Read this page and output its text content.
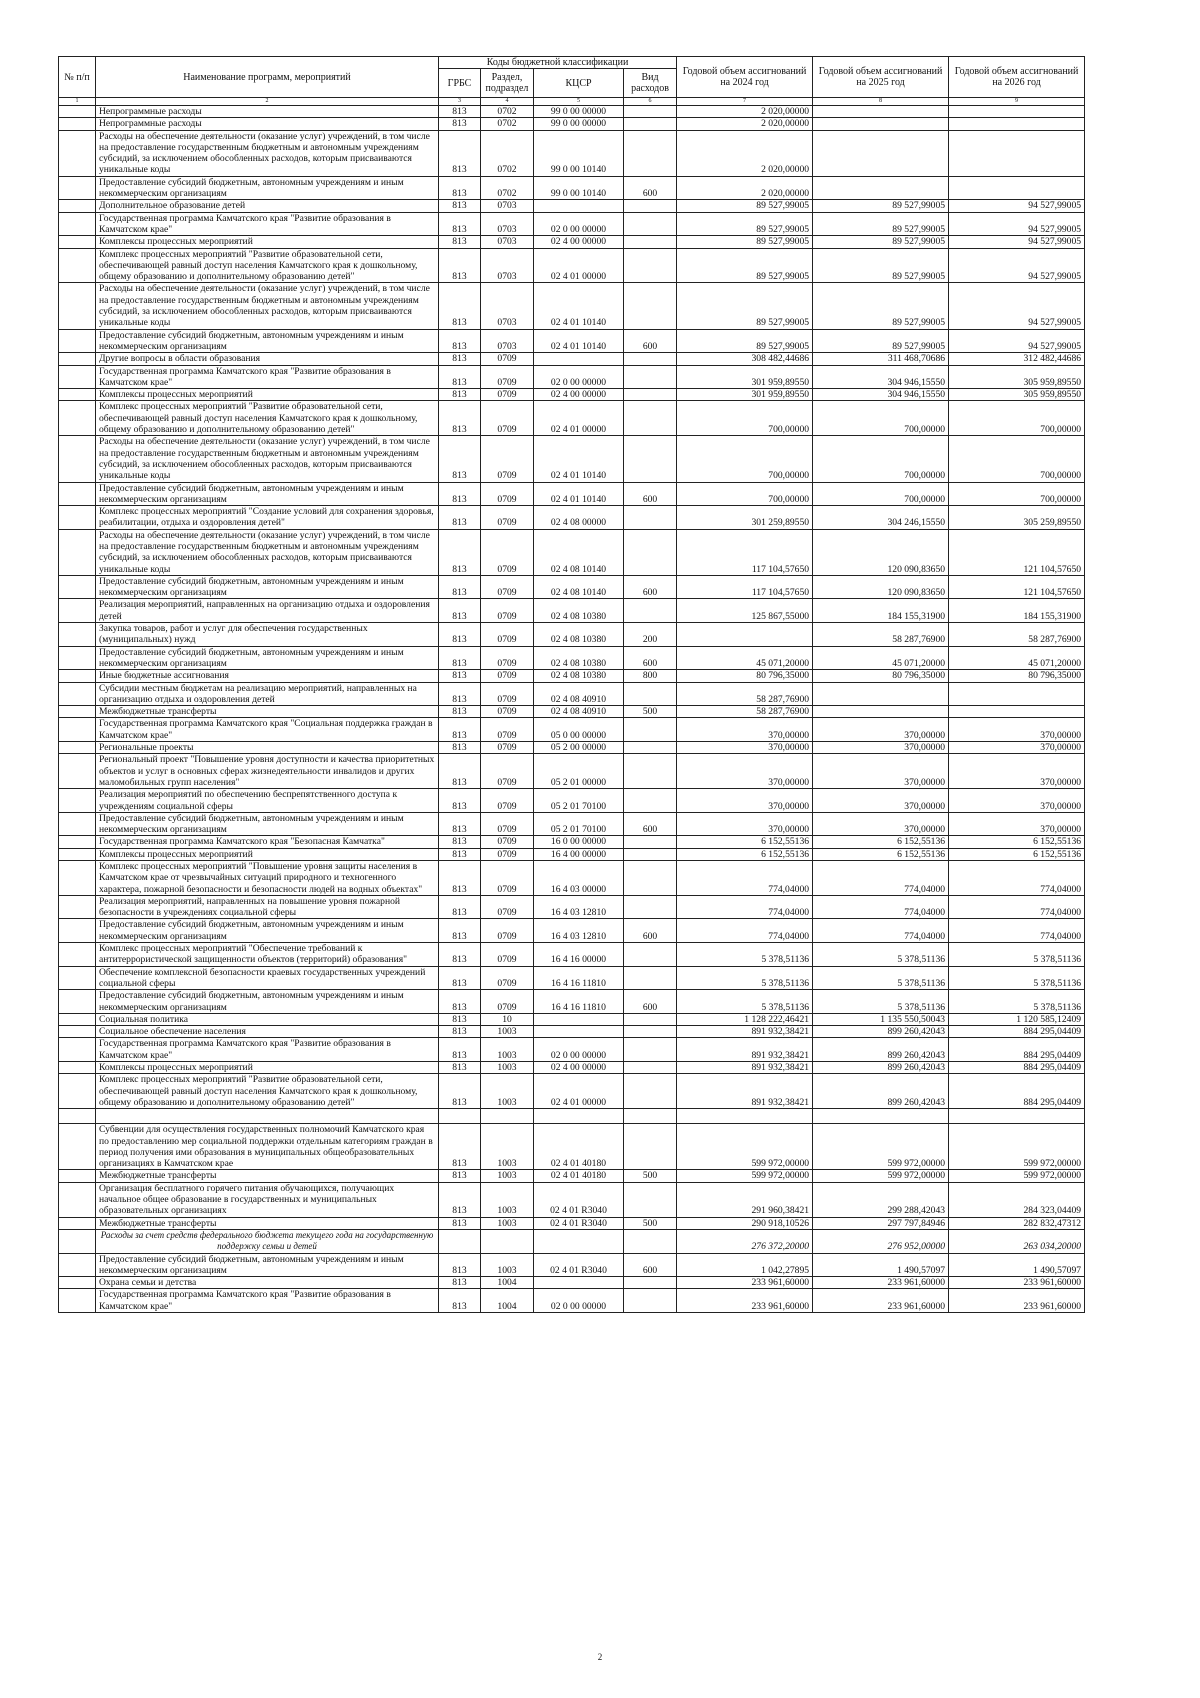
№ п/п	Наименование программ, мероприятий	Коды бюджетной классификации				Годовой объем ассигнований на 2024 год	Годовой объем ассигнований на 2025 год	Годовой объем ассигнований на 2026 год
		ГРБС	Раздел, подраздел	КЦСР	Вид расходов			
1	2	3	4	5	6	7	8	9
	Непрограммные расходы	813	0702	99 0 00 00000		2 020,00000		
	Непрограммные расходы	813	0702	99 0 00 00000		2 020,00000		
	Расходы на обеспечение деятельности (оказание услуг) учреждений, в том числе на предоставление государственным бюджетным и автономным учреждениям субсидий, за исключением обособленных расходов, которым присваиваются уникальные коды	813	0702	99 0 00 10140		2 020,00000		
	Предоставление субсидий бюджетным, автономным учреждениям и иным некоммерческим организациям	813	0702	99 0 00 10140	600	2 020,00000		
	Дополнительное образование детей	813	0703			89 527,99005	89 527,99005	94 527,99005
	Государственная программа Камчатского края "Развитие образования в Камчатском крае"	813	0703	02 0 00 00000		89 527,99005	89 527,99005	94 527,99005
	Комплексы процессных мероприятий	813	0703	02 4 00 00000		89 527,99005	89 527,99005	94 527,99005
	Комплекс процессных мероприятий "Развитие образовательной сети, обеспечивающей равный доступ населения Камчатского края к дошкольному, общему образованию и дополнительному образованию детей"	813	0703	02 4 01 00000		89 527,99005	89 527,99005	94 527,99005
	Расходы на обеспечение деятельности (оказание услуг) учреждений, в том числе на предоставление государственным бюджетным и автономным учреждениям субсидий, за исключением обособленных расходов, которым присваиваются уникальные коды	813	0703	02 4 01 10140		89 527,99005	89 527,99005	94 527,99005
	Предоставление субсидий бюджетным, автономным учреждениям и иным некоммерческим организациям	813	0703	02 4 01 10140	600	89 527,99005	89 527,99005	94 527,99005
	Другие вопросы в области образования	813	0709			308 482,44686	311 468,70686	312 482,44686
	Государственная программа Камчатского края "Развитие образования в Камчатском крае"	813	0709	02 0 00 00000		301 959,89550	304 946,15550	305 959,89550
	Комплексы процессных мероприятий	813	0709	02 4 00 00000		301 959,89550	304 946,15550	305 959,89550
	Комплекс процессных мероприятий "Развитие образовательной сети, обеспечивающей равный доступ населения Камчатского края к дошкольному, общему образованию и дополнительному образованию детей"	813	0709	02 4 01 00000		700,00000	700,00000	700,00000
	Расходы на обеспечение деятельности (оказание услуг) учреждений, в том числе на предоставление государственным бюджетным и автономным учреждениям субсидий, за исключением обособленных расходов, которым присваиваются уникальные коды	813	0709	02 4 01 10140		700,00000	700,00000	700,00000
	Предоставление субсидий бюджетным, автономным учреждениям и иным некоммерческим организациям	813	0709	02 4 01 10140	600	700,00000	700,00000	700,00000
	Комплекс процессных мероприятий "Создание условий для сохранения здоровья, реабилитации, отдыха и оздоровления детей"	813	0709	02 4 08 00000		301 259,89550	304 246,15550	305 259,89550
	Расходы на обеспечение деятельности (оказание услуг) учреждений, в том числе на предоставление государственным бюджетным и автономным учреждениям субсидий, за исключением обособленных расходов, которым присваиваются уникальные коды	813	0709	02 4 08 10140		117 104,57650	120 090,83650	121 104,57650
	Предоставление субсидий бюджетным, автономным учреждениям и иным некоммерческим организациям	813	0709	02 4 08 10140	600	117 104,57650	120 090,83650	121 104,57650
	Реализация мероприятий, направленных на организацию отдыха и оздоровления детей	813	0709	02 4 08 10380		125 867,55000	184 155,31900	184 155,31900
	Закупка товаров, работ и услуг для обеспечения государственных (муниципальных) нужд	813	0709	02 4 08 10380	200		58 287,76900	58 287,76900
	Предоставление субсидий бюджетным, автономным учреждениям и иным некоммерческим организациям	813	0709	02 4 08 10380	600	45 071,20000	45 071,20000	45 071,20000
	Иные бюджетные ассигнования	813	0709	02 4 08 10380	800	80 796,35000	80 796,35000	80 796,35000
	Субсидии местным бюджетам на реализацию мероприятий, направленных на организацию отдыха и оздоровления детей	813	0709	02 4 08 40910		58 287,76900		
	Межбюджетные трансферты	813	0709	02 4 08 40910	500	58 287,76900		
	Государственная программа Камчатского края "Социальная поддержка граждан в Камчатском крае"	813	0709	05 0 00 00000		370,00000	370,00000	370,00000
	Региональные проекты	813	0709	05 2 00 00000		370,00000	370,00000	370,00000
	Региональный проект "Повышение уровня доступности и качества приоритетных объектов и услуг в основных сферах жизнедеятельности инвалидов и других маломобильных групп населения"	813	0709	05 2 01 00000		370,00000	370,00000	370,00000
	Реализация мероприятий по обеспечению беспрепятственного доступа к учреждениям социальной сферы	813	0709	05 2 01 70100		370,00000	370,00000	370,00000
	Предоставление субсидий бюджетным, автономным учреждениям и иным некоммерческим организациям	813	0709	05 2 01 70100	600	370,00000	370,00000	370,00000
	Государственная программа Камчатского края "Безопасная Камчатка"	813	0709	16 0 00 00000		6 152,55136	6 152,55136	6 152,55136
	Комплексы процессных мероприятий	813	0709	16 4 00 00000		6 152,55136	6 152,55136	6 152,55136
	Комплекс процессных мероприятий "Повышение уровня защиты населения в Камчатском крае от чрезвычайных ситуаций природного и техногенного характера, пожарной безопасности и безопасности людей на водных объектах"	813	0709	16 4 03 00000		774,04000	774,04000	774,04000
	Реализация мероприятий, направленных на повышение уровня пожарной безопасности в учреждениях социальной сферы	813	0709	16 4 03 12810		774,04000	774,04000	774,04000
	Предоставление субсидий бюджетным, автономным учреждениям и иным некоммерческим организациям	813	0709	16 4 03 12810	600	774,04000	774,04000	774,04000
	Комплекс процессных мероприятий "Обеспечение требований к антитеррористической защищенности объектов (территорий) образования"	813	0709	16 4 16 00000		5 378,51136	5 378,51136	5 378,51136
	Обеспечение комплексной безопасности краевых государственных учреждений социальной сферы	813	0709	16 4 16 11810		5 378,51136	5 378,51136	5 378,51136
	Предоставление субсидий бюджетным, автономным учреждениям и иным некоммерческим организациям	813	0709	16 4 16 11810	600	5 378,51136	5 378,51136	5 378,51136
	Социальная политика	813	10			1 128 222,46421	1 135 550,50043	1 120 585,12409
	Социальное обеспечение населения	813	1003			891 932,38421	899 260,42043	884 295,04409
	Государственная программа Камчатского края "Развитие образования в Камчатском крае"	813	1003	02 0 00 00000		891 932,38421	899 260,42043	884 295,04409
	Комплексы процессных мероприятий	813	1003	02 4 00 00000		891 932,38421	899 260,42043	884 295,04409
	Комплекс процессных мероприятий "Развитие образовательной сети, обеспечивающей равный доступ населения Камчатского края к дошкольному, общему образованию и дополнительному образованию детей"	813	1003	02 4 01 00000		891 932,38421	899 260,42043	884 295,04409

	Субвенции для осуществления государственных полномочий Камчатского края по предоставлению мер социальной поддержки отдельным категориям граждан в период получения ими образования в муниципальных общеобразовательных организациях в Камчатском крае	813	1003	02 4 01 40180		599 972,00000	599 972,00000	599 972,00000
	Межбюджетные трансферты	813	1003	02 4 01 40180	500	599 972,00000	599 972,00000	599 972,00000
	Организация бесплатного горячего питания обучающихся, получающих начальное общее образование в государственных и муниципальных образовательных организациях	813	1003	02 4 01 R3040		291 960,38421	299 288,42043	284 323,04409
	Межбюджетные трансферты	813	1003	02 4 01 R3040	500	290 918,10526	297 797,84946	282 832,47312
	Расходы за счет средств федерального бюджета текущего года на государственную поддержку семьи и детей					276 372,20000	276 952,00000	263 034,20000
	Предоставление субсидий бюджетным, автономным учреждениям и иным некоммерческим организациям	813	1003	02 4 01 R3040	600	1 042,27895	1 490,57097	1 490,57097
	Охрана семьи и детства	813	1004			233 961,60000	233 961,60000	233 961,60000
	Государственная программа Камчатского края "Развитие образования в Камчатском крае"	813	1004	02 0 00 00000		233 961,60000	233 961,60000	233 961,60000
2
